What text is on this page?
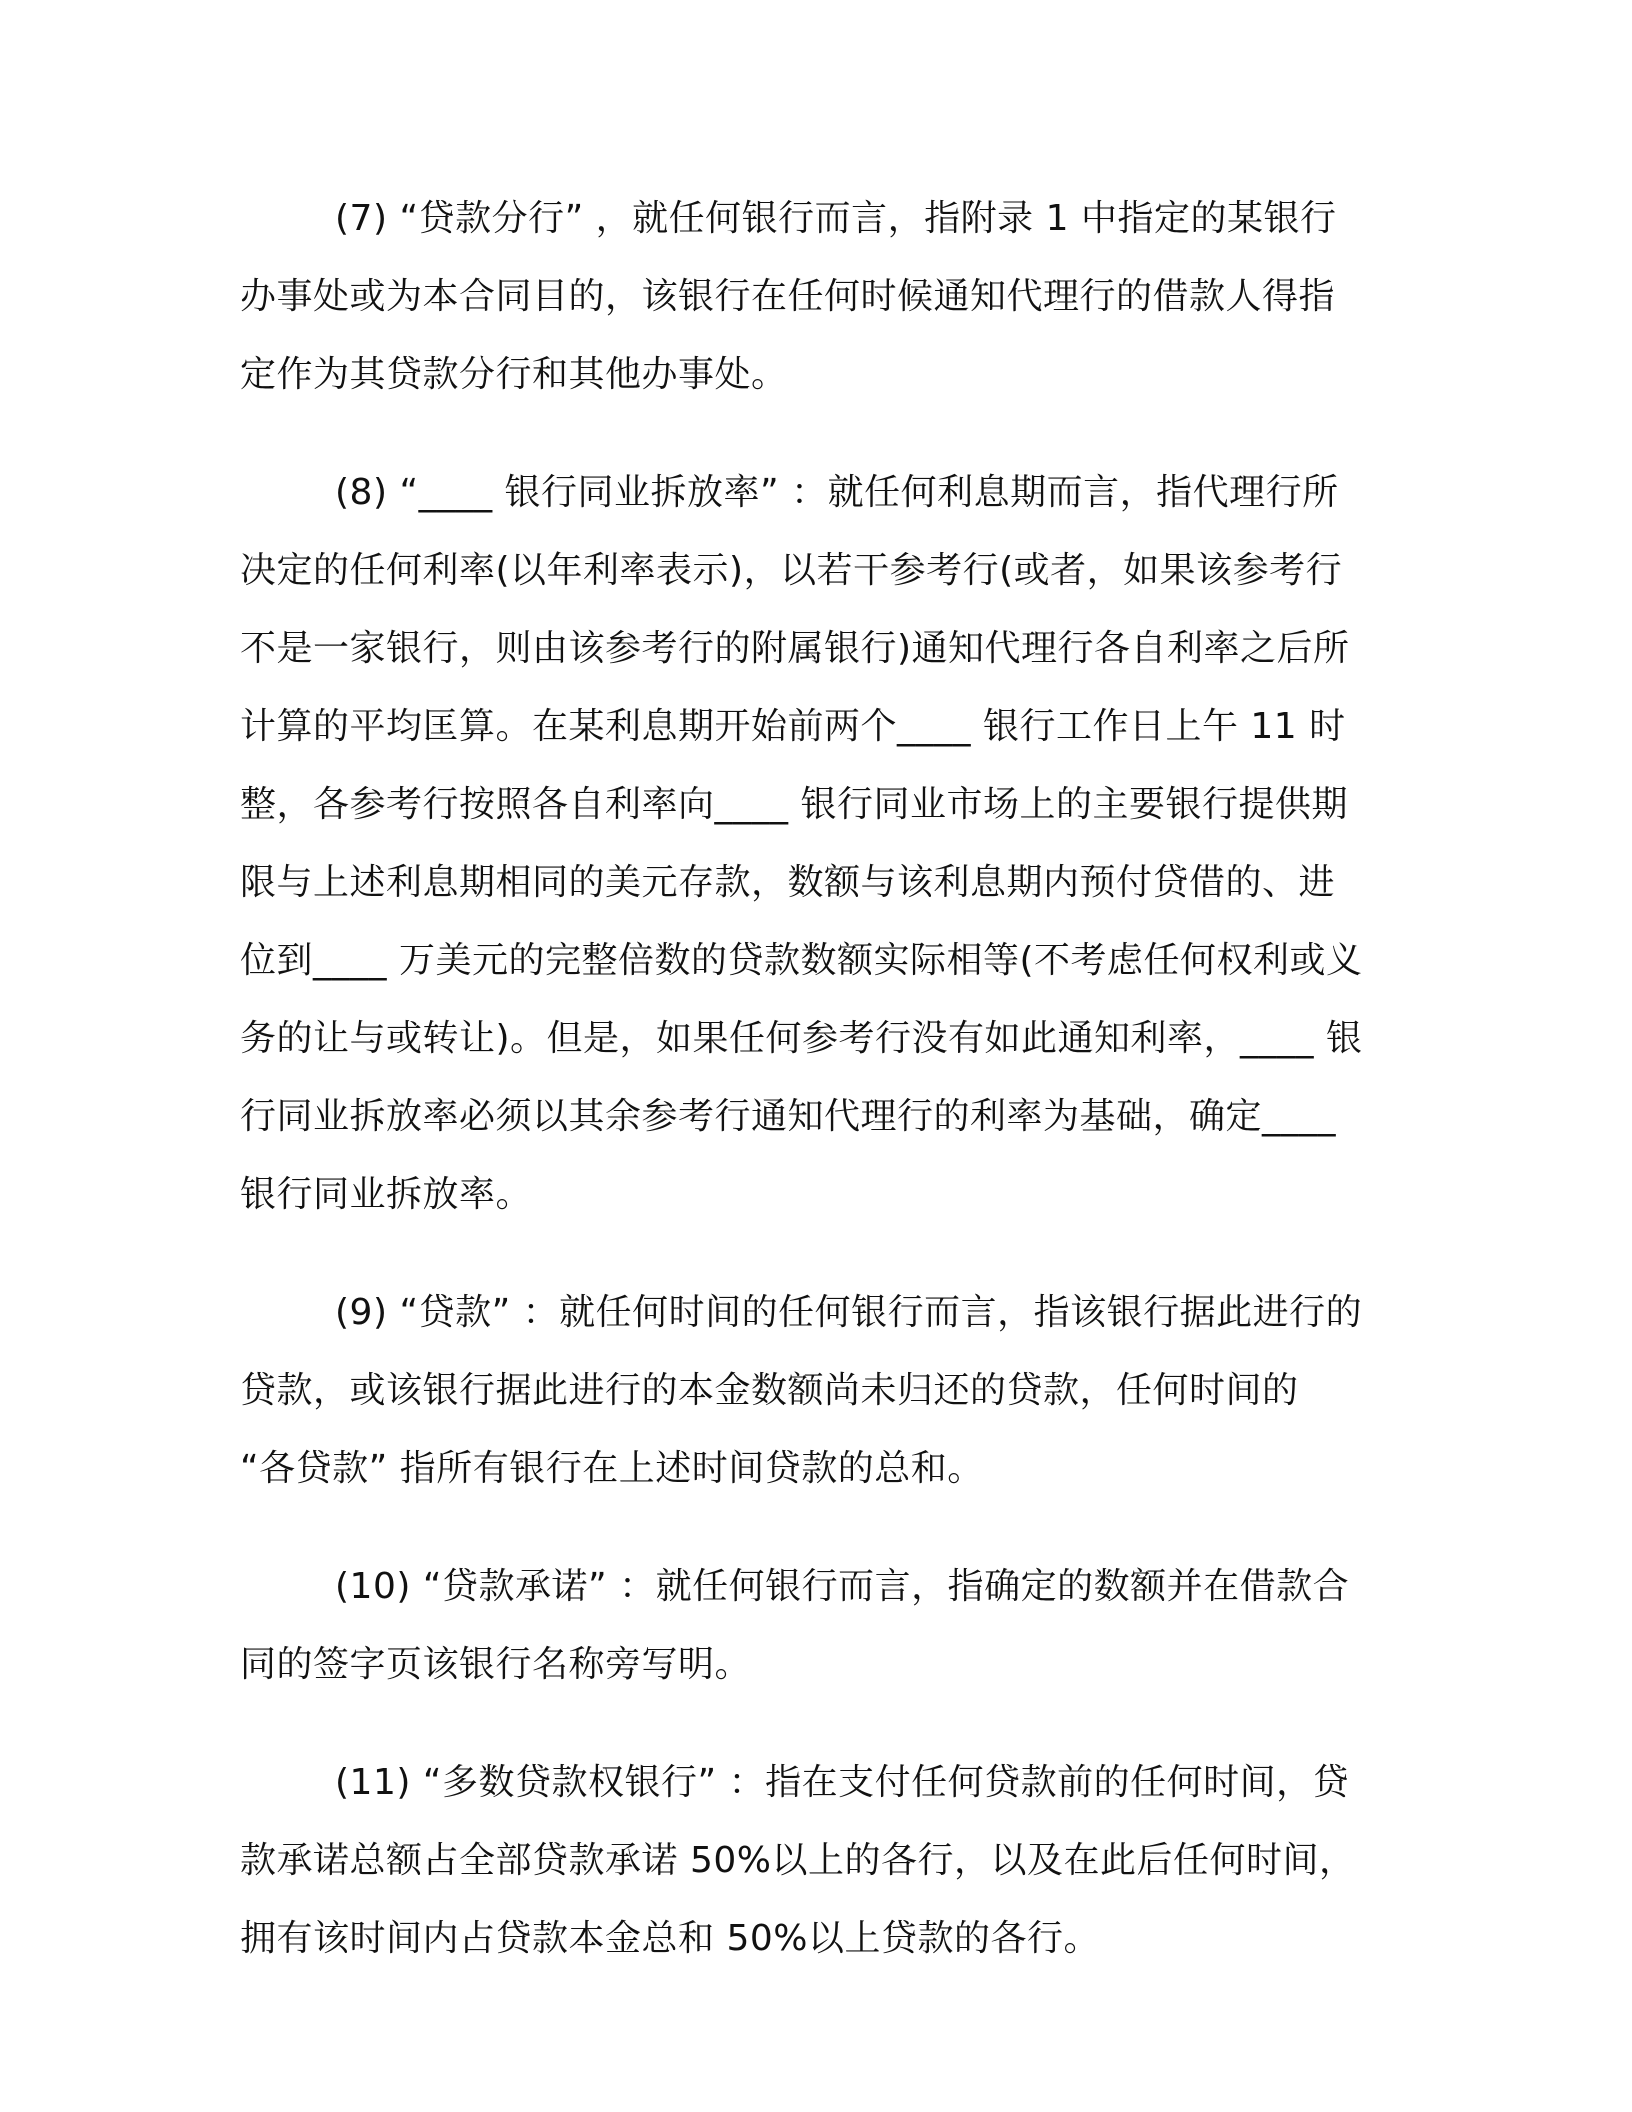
(7) “贷款分行” ，就任何银行而言，指附录 1 中指定的某银行
办事处或为本合同目的，该银行在任何时候通知代理行的借款人得指
定作为其贷款分行和其他办事处。
(8) “____ 银行同业拆放率” ：就任何利息期而言，指代理行所
决定的任何利率(以年利率表示)，以若干参考行(或者，如果该参考行
不是一家银行，则由该参考行的附属银行)通知代理行各自利率之后所
计算的平均匡算。在某利息期开始前两个____ 银行工作日上午 11 时
整，各参考行按照各自利率向____ 银行同业市场上的主要银行提供期
限与上述利息期相同的美元存款，数额与该利息期内预付贷借的、进
位到____ 万美元的完整倍数的贷款数额实际相等(不考虑任何权利或义
务的让与或转让)。但是，如果任何参考行没有如此通知利率，____ 银
行同业拆放率必须以其余参考行通知代理行的利率为基础，确定____
银行同业拆放率。
(9) “贷款” ：就任何时间的任何银行而言，指该银行据此进行的
贷款，或该银行据此进行的本金数额尚未归还的贷款，任何时间的
“各贷款” 指所有银行在上述时间贷款的总和。
(10) “贷款承诺” ：就任何银行而言，指确定的数额并在借款合
同的签字页该银行名称旁写明。
(11) “多数贷款权银行” ：指在支付任何贷款前的任何时间，贷
款承诺总额占全部贷款承诺 50%以上的各行，以及在此后任何时间，
拥有该时间内占贷款本金总和 50%以上贷款的各行。
